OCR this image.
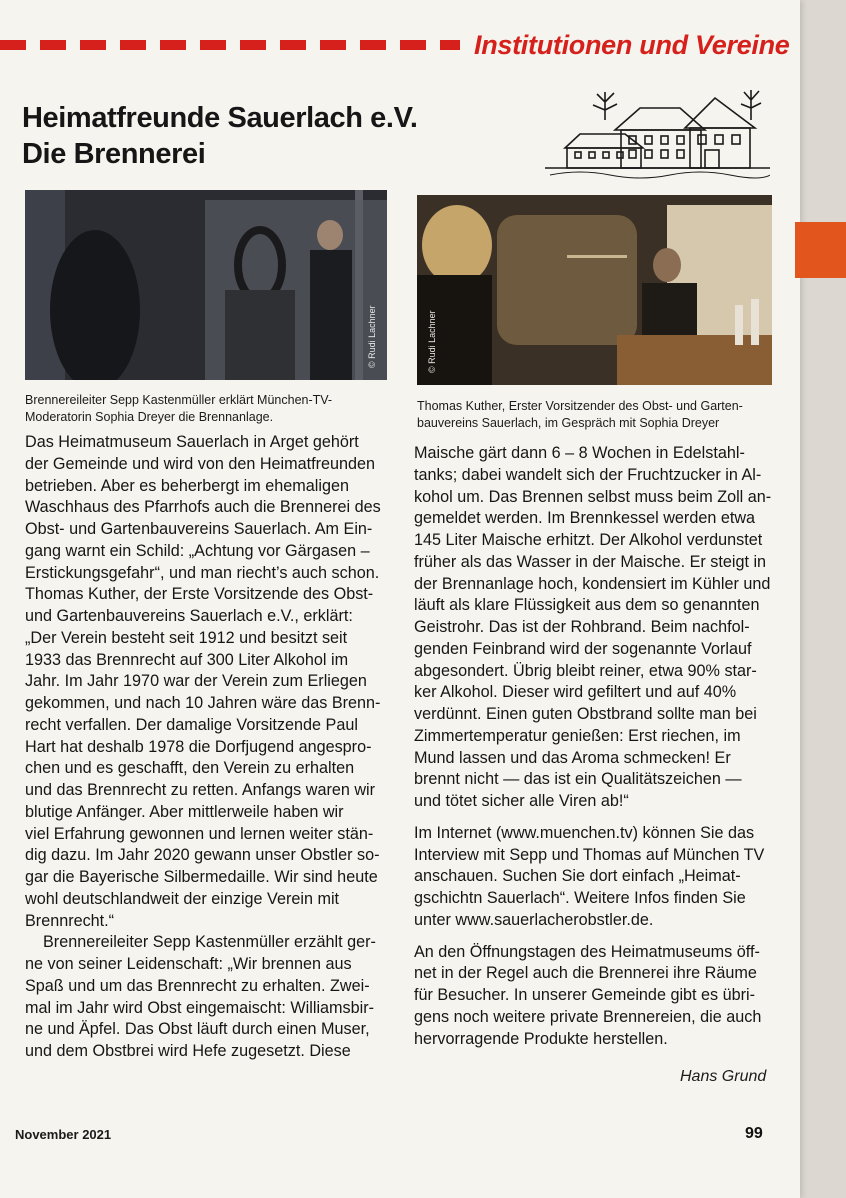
Institutionen und Vereine
Heimatfreunde Sauerlach e.V.
Die Brennerei
© Rudi Lachner
Brennereileiter Sepp Kastenmüller erklärt München-TV-
Moderatorin Sophia Dreyer die Brennanlage.
© Rudi Lachner
Thomas Kuther, Erster Vorsitzender des Obst- und Garten-
bauvereins Sauerlach, im Gespräch mit Sophia Dreyer
Das Heimatmuseum Sauerlach in Arget gehört
der Gemeinde und wird von den Heimatfreunden
betrieben. Aber es beherbergt im ehemaligen
Waschhaus des Pfarrhofs auch die Brennerei des
Obst- und Gartenbauvereins Sauerlach. Am Ein-
gang warnt ein Schild: „Achtung vor Gärgasen –
Erstickungsgefahr“, und man riecht’s auch schon.
Thomas Kuther, der Erste Vorsitzende des Obst-
und Gartenbauvereins Sauerlach e.V., erklärt:
„Der Verein besteht seit 1912 und besitzt seit
1933 das Brennrecht auf 300 Liter Alkohol im
Jahr. Im Jahr 1970 war der Verein zum Erliegen
gekommen, und nach 10 Jahren wäre das Brenn-
recht verfallen. Der damalige Vorsitzende Paul
Hart hat deshalb 1978 die Dorfjugend angespro-
chen und es geschafft, den Verein zu erhalten
und das Brennrecht zu retten. Anfangs waren wir
blutige Anfänger. Aber mittlerweile haben wir
viel Erfahrung gewonnen und lernen weiter stän-
dig dazu. Im Jahr 2020 gewann unser Obstler so-
gar die Bayerische Silbermedaille. Wir sind heute
wohl deutschlandweit der einzige Verein mit
Brennrecht.“
Brennereileiter Sepp Kastenmüller erzählt ger-
ne von seiner Leidenschaft: „Wir brennen aus
Spaß und um das Brennrecht zu erhalten. Zwei-
mal im Jahr wird Obst eingemaischt: Williamsbir-
ne und Äpfel. Das Obst läuft durch einen Muser,
und dem Obstbrei wird Hefe zugesetzt. Diese
Maische gärt dann 6 – 8 Wochen in Edelstahl-
tanks; dabei wandelt sich der Fruchtzucker in Al-
kohol um. Das Brennen selbst muss beim Zoll an-
gemeldet werden. Im Brennkessel werden etwa
145 Liter Maische erhitzt. Der Alkohol verdunstet
früher als das Wasser in der Maische. Er steigt in
der Brennanlage hoch, kondensiert im Kühler und
läuft als klare Flüssigkeit aus dem so genannten
Geistrohr. Das ist der Rohbrand. Beim nachfol-
genden Feinbrand wird der sogenannte Vorlauf
abgesondert. Übrig bleibt reiner, etwa 90% star-
ker Alkohol. Dieser wird gefiltert und auf 40%
verdünnt. Einen guten Obstbrand sollte man bei
Zimmertemperatur genießen: Erst riechen, im
Mund lassen und das Aroma schmecken! Er
brennt nicht — das ist ein Qualitätszeichen —
und tötet sicher alle Viren ab!“
Im Internet (www.muenchen.tv) können Sie das
Interview mit Sepp und Thomas auf München TV
anschauen. Suchen Sie dort einfach „Heimat-
gschichtn Sauerlach“. Weitere Infos finden Sie
unter www.sauerlacherobstler.de.
An den Öffnungstagen des Heimatmuseums öff-
net in der Regel auch die Brennerei ihre Räume
für Besucher. In unserer Gemeinde gibt es übri-
gens noch weitere private Brennereien, die auch
hervorragende Produkte herstellen.
Hans Grund
November 2021	99
